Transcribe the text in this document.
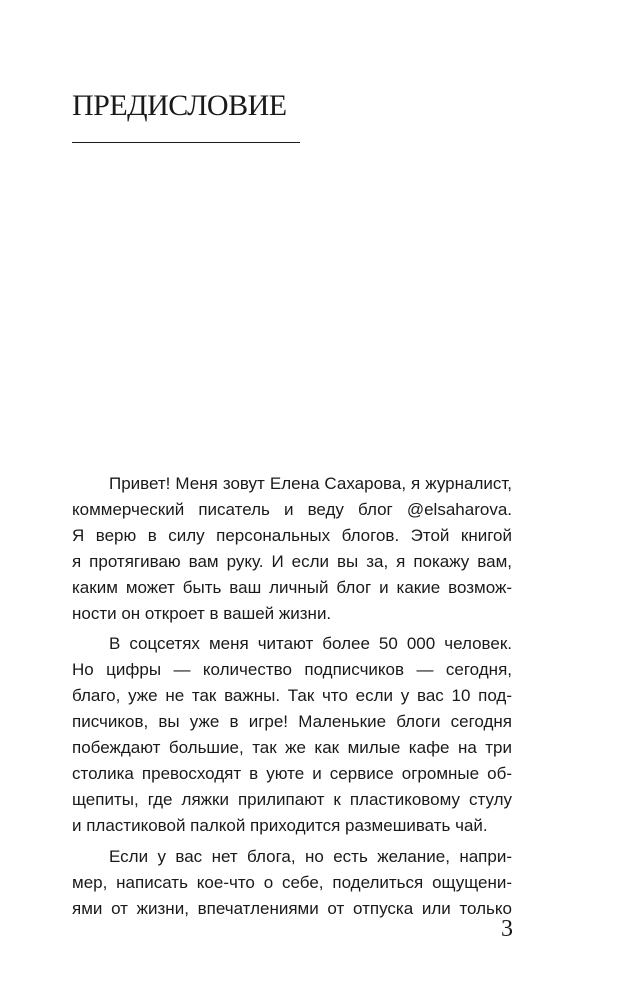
ПРЕДИСЛОВИЕ

Привет! Меня зовут Елена Сахарова, я журналист,
коммерческий писатель и веду блог @elsaharova.
Я верю в силу персональных блогов. Этой книгой
я протягиваю вам руку. И если вы за, я покажу вам,
каким может быть ваш личный блог и какие возмож-
ности он откроет в вашей жизни.

В соцсетях меня читают более 50 000 человек.
Но цифры — количество подписчиков — сегодня,
благо, уже не так важны. Так что если у вас 10 под-
писчиков, вы уже в игре! Маленькие блоги сегодня
побеждают большие, так же как милые кафе на три
столика превосходят в уюте и сервисе огромные об-
щепиты, где ляжки прилипают к пластиковому стулу
и пластиковой палкой приходится размешивать чай.

Если у вас нет блога, но есть желание, напри-
мер, написать кое-что о себе, поделиться ощущени-
ями от жизни, впечатлениями от отпуска или только

3
